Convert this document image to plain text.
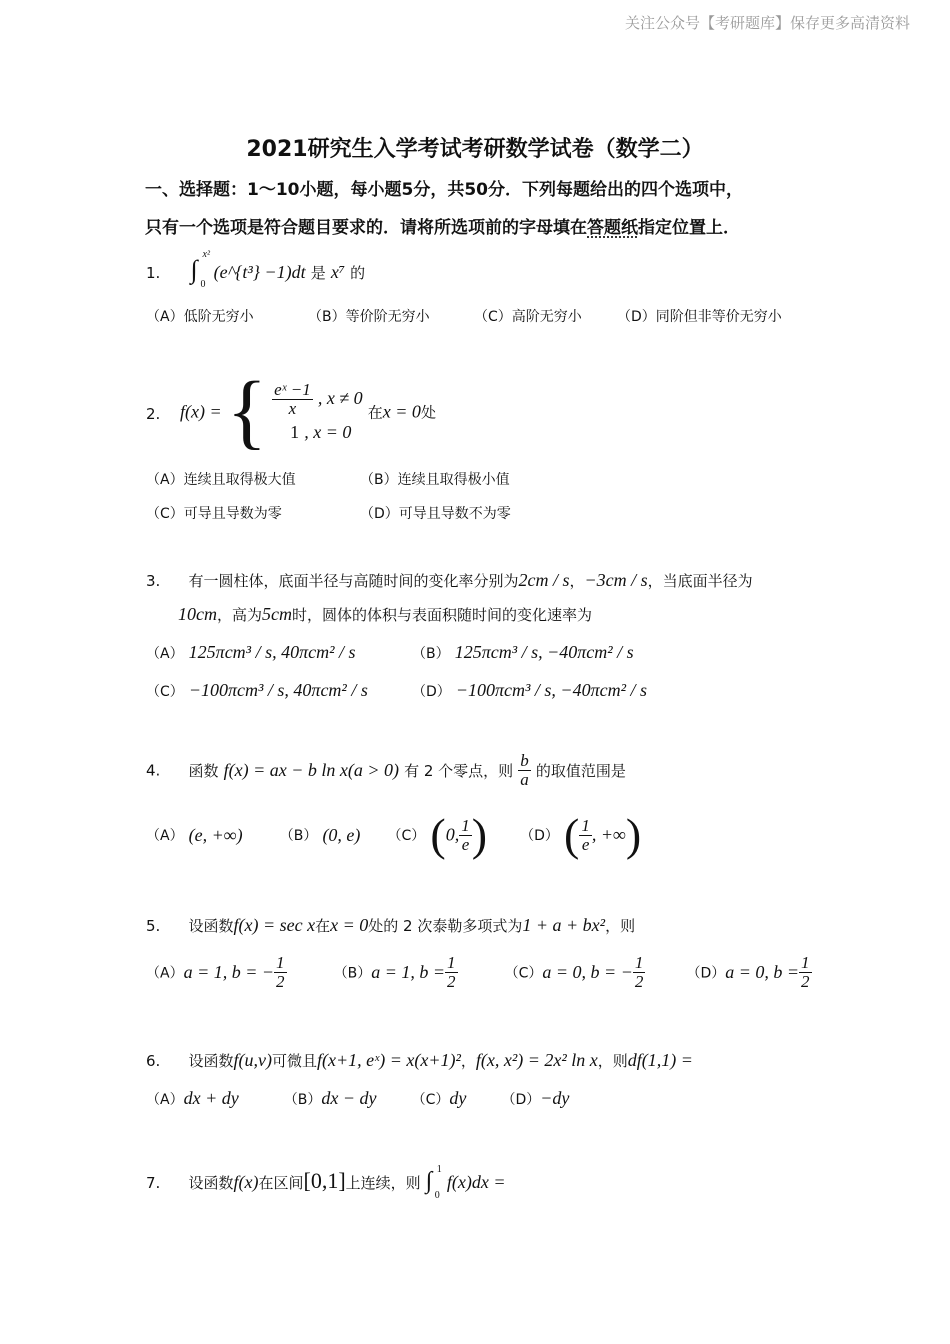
关注公众号【考研题库】保存更多高清资料
2021研究生入学考试考研数学试卷（数学二）
一、选择题：1～10小题，每小题5分，共50分．下列每题给出的四个选项中，
只有一个选项是符合题目要求的．请将所选项前的字母填在答题纸指定位置上．
1. ∫
x²
0
(e^{t³} −1)dt 是 x⁷ 的
（A）低阶无穷小	（B）等价阶无穷小	（C）高阶无穷小	（D）同阶但非等价无穷小
2. f(x) = { $\frac{\text{eˣ −1}}{x}$ , x ≠ 0
1 , x = 0
在x = 0处
（A）连续且取得极大值	（B）连续且取得极小值
（C）可导且导数为零	（D）可导且导数不为零
3. 有一圆柱体，底面半径与高随时间的变化率分别为2cm / s，−3cm / s，当底面半径为
10cm，高为5cm时，圆体的体积与表面积随时间的变化速率为
（A） 125πcm³ / s, 40πcm² / s	（B） 125πcm³ / s, −40πcm² / s
（C） −100πcm³ / s, 40πcm² / s	（D） −100πcm³ / s, −40πcm² / s
4. 函数 f(x) = ax − b ln x(a > 0) 有 2 个零点，则 $\frac{b}{a}$ 的取值范围是
（A） (e, +∞)	（B） (0, e) （C） (0, $\frac{1}{e}$ ) （D） ( $\frac{1}{e}$ , +∞)
5. 设函数f(x) = sec x在x = 0处的 2 次泰勒多项式为1 + a + bx²，则
（A）a = 1, b = − $\frac{1}{2}$	（B）a = 1, $b = \frac{1}{2}$	（C）a = 0, b = − $\frac{1}{2}$	（D）a = 0, $b = \frac{1}{2}$
6. 设函数f(u,v)可微且f(x+1, eˣ) = x(x+1)²，f(x, x²) = 2x² ln x，则df(1,1) =
（A）dx + dy	（B）dx − dy	（C）dy	（D）−dy
7. 设函数f(x)在区间[0,1]上连续，则 ∫ 1
0
f(x)dx =
